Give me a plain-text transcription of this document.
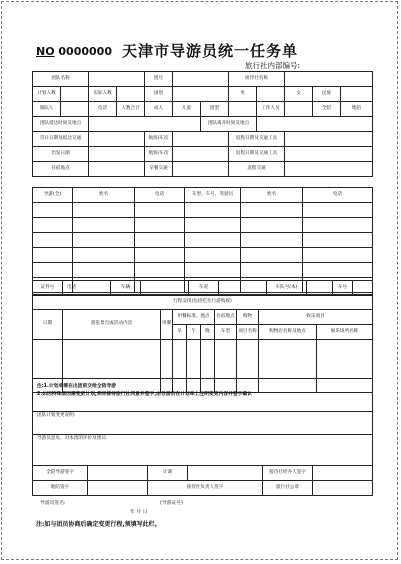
NO 0000000 天津市导游员统一任务单
旅行社内部编号:
团队名称				团号			接待社名称				
计划人数		实际人数		国别			男		女	民族	
领队人		电话	人数合计	成人	儿童	团型		工作人员		全陪	地陪
团队抵达时间及地点						团队离开时间及地点					
首日日期及抵达交通				航班/车次			返程日期及交通工具				
出发日期				航班/车次			返程日期及交通工具				
住宿地点				早餐交通			返程交通				
导游(全)	姓名	电话	车型、车号、驾驶员	姓名	电话

证件号	电话	车辆		车况		车队号(本)		车号	
行程安排(包括吃住行游购娱)									
日期	游览景点或活动内容	用餐	用餐标准、地点			住宿地点	购物	娱乐项目	
			早	午	晚	车型	项目名称	购物店名称及地点	娱乐场所名称

注:1.计划单需在出团前交给全陪导游
2.如因特殊原因需变更计划,须经接待旅行社同意并签字,由导游员在计划单上注明变更内容并签字确认					

团队计划变更说明:					
导游员意见、对本团的评价及建议:					
全陪导游签字		计调		接待社经办人签字	
地陪签字		接待社负责人签字		旅行社公章	
导游员签名:	(导游证号)
年 月 日
注:如与团员协商后确定变更行程,须填写此栏。
